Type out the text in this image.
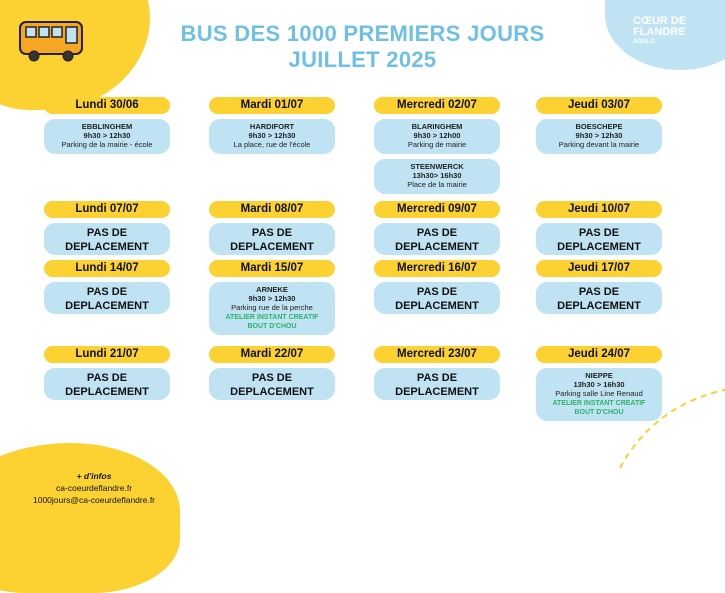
BUS DES 1000 PREMIERS JOURS
JUILLET 2025
CŒUR DE
FLANDRE
AGGLO
Lundi 30/06
EBBLINGHEM
9h30 > 12h30
Parking de la mairie - école
Mardi 01/07
HARDIFORT
9h30 > 12h30
La place, rue de l'école
Mercredi 02/07
BLARINGHEM
9h30 > 12h00
Parking de mairie
STEENWERCK
13h30> 16h30
Place de la mairie
Jeudi 03/07
BOESCHEPE
9h30 > 12h30
Parking devant la mairie
Lundi 07/07
PAS DE DEPLACEMENT
Mardi 08/07
PAS DE DEPLACEMENT
Mercredi 09/07
PAS DE DEPLACEMENT
Jeudi 10/07
PAS DE DEPLACEMENT
Lundi 14/07
PAS DE DEPLACEMENT
Mardi 15/07
ARNEKE
9h30 > 12h30
Parking rue de la perche
ATELIER INSTANT CREATIF
BOUT D'CHOU
Mercredi 16/07
PAS DE DEPLACEMENT
Jeudi 17/07
PAS DE DEPLACEMENT
Lundi 21/07
PAS DE DEPLACEMENT
Mardi 22/07
PAS DE DEPLACEMENT
Mercredi 23/07
PAS DE DEPLACEMENT
Jeudi 24/07
NIEPPE
13h30 > 16h30
Parking salle Line Renaud
ATELIER INSTANT CREATIF
BOUT D'CHOU
+ d'infos
ca-coeurdeflandre.fr
1000jours@ca-coeurdeflandre.fr
